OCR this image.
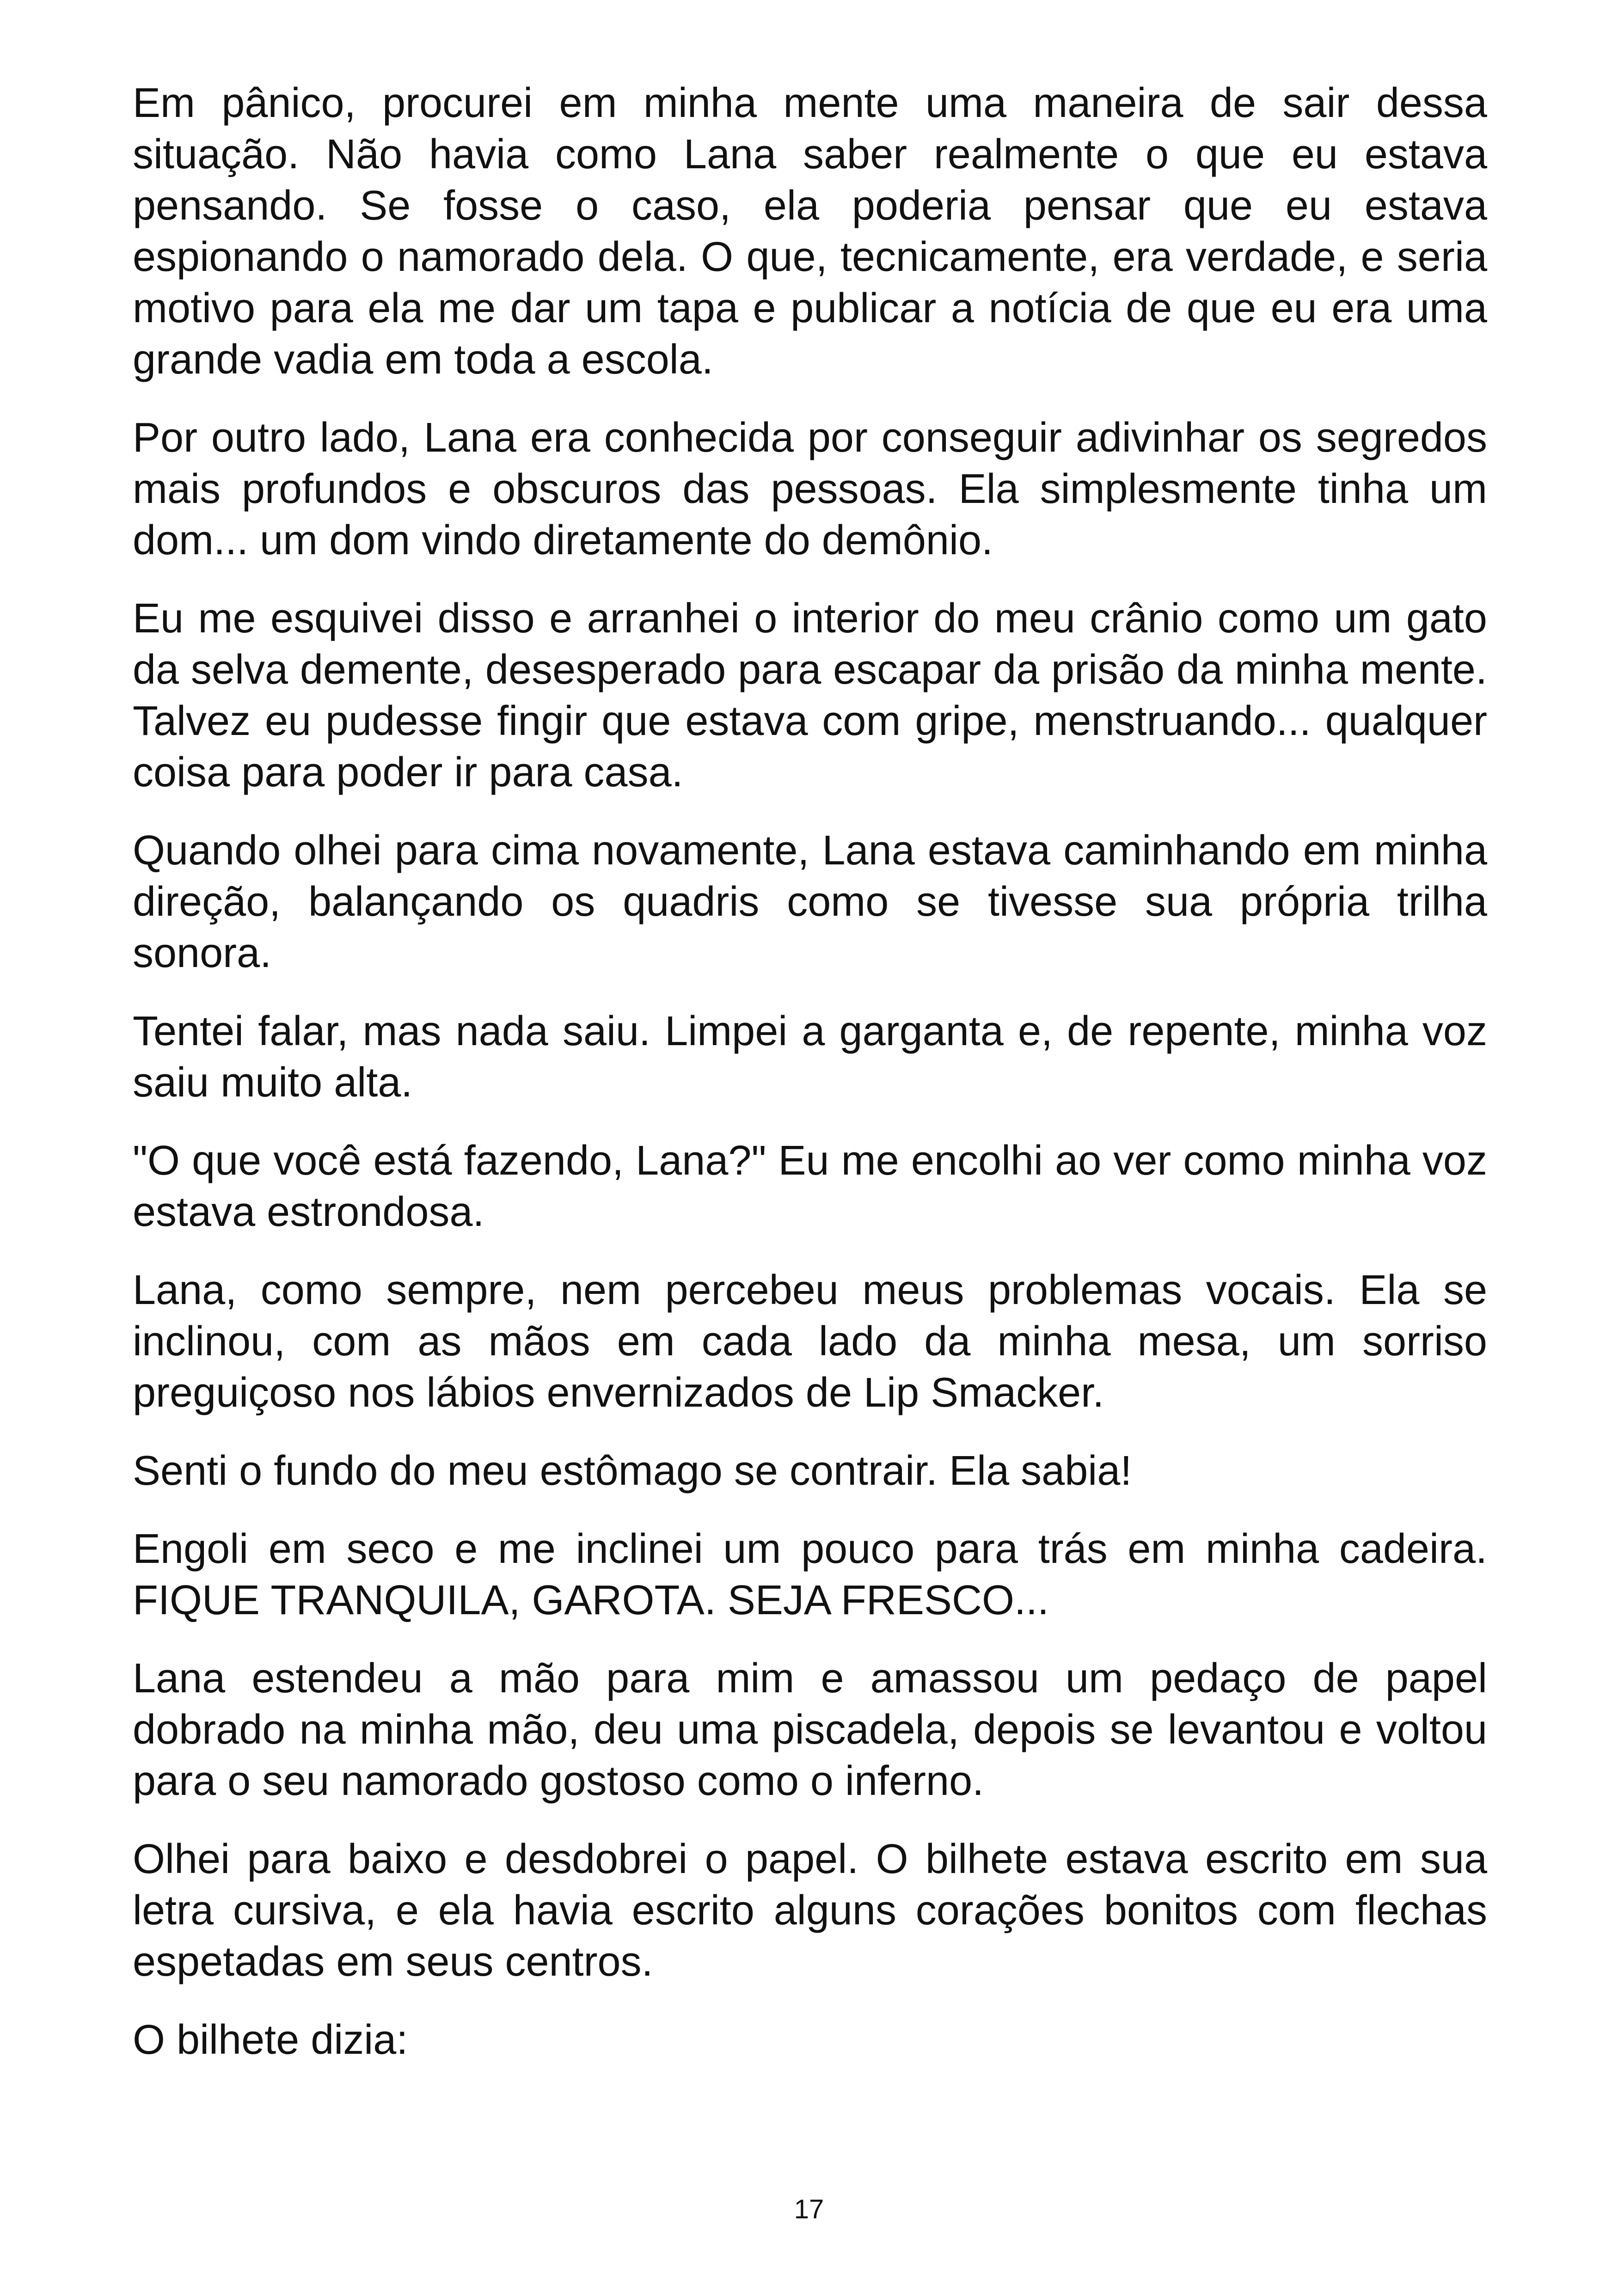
Em pânico, procurei em minha mente uma maneira de sair dessa situação. Não havia como Lana saber realmente o que eu estava pensando. Se fosse o caso, ela poderia pensar que eu estava espionando o namorado dela. O que, tecnicamente, era verdade, e seria motivo para ela me dar um tapa e publicar a notícia de que eu era uma grande vadia em toda a escola.

Por outro lado, Lana era conhecida por conseguir adivinhar os segredos mais profundos e obscuros das pessoas. Ela simplesmente tinha um dom... um dom vindo diretamente do demônio.

Eu me esquivei disso e arranhei o interior do meu crânio como um gato da selva demente, desesperado para escapar da prisão da minha mente. Talvez eu pudesse fingir que estava com gripe, menstruando... qualquer coisa para poder ir para casa.

Quando olhei para cima novamente, Lana estava caminhando em minha direção, balançando os quadris como se tivesse sua própria trilha sonora.

Tentei falar, mas nada saiu. Limpei a garganta e, de repente, minha voz saiu muito alta.

"O que você está fazendo, Lana?" Eu me encolhi ao ver como minha voz estava estrondosa.

Lana, como sempre, nem percebeu meus problemas vocais. Ela se inclinou, com as mãos em cada lado da minha mesa, um sorriso preguiçoso nos lábios envernizados de Lip Smacker.

Senti o fundo do meu estômago se contrair. Ela sabia!

Engoli em seco e me inclinei um pouco para trás em minha cadeira. FIQUE TRANQUILA, GAROTA. SEJA FRESCO...

Lana estendeu a mão para mim e amassou um pedaço de papel dobrado na minha mão, deu uma piscadela, depois se levantou e voltou para o seu namorado gostoso como o inferno.

Olhei para baixo e desdobrei o papel. O bilhete estava escrito em sua letra cursiva, e ela havia escrito alguns corações bonitos com flechas espetadas em seus centros.

O bilhete dizia:

17
